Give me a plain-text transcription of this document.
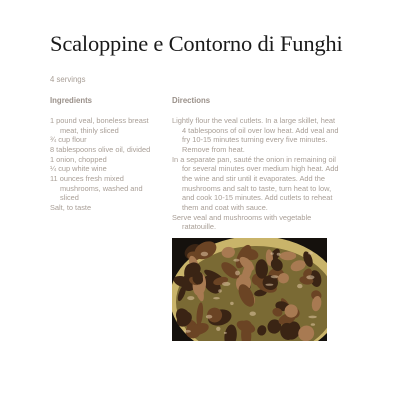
Scaloppine e Contorno di Funghi
4 servings
Ingredients	Directions
1 pound veal, boneless breast meat, thinly sliced
¾ cup flour
8 tablespoons olive oil, divided
1 onion, chopped
¼ cup white wine
11 ounces fresh mixed mushrooms, washed and sliced
Salt, to taste
Lightly flour the veal cutlets. In a large skillet, heat 4 tablespoons of oil over low heat. Add veal and fry 10-15 minutes turning every five minutes. Remove from heat.
In a separate pan, sauté the onion in remaining oil for several minutes over medium high heat. Add the wine and stir until it evaporates. Add the mushrooms and salt to taste, turn heat to low, and cook 10-15 minutes. Add cutlets to reheat them and coat with sauce.
Serve veal and mushrooms with vegetable ratatouille.
